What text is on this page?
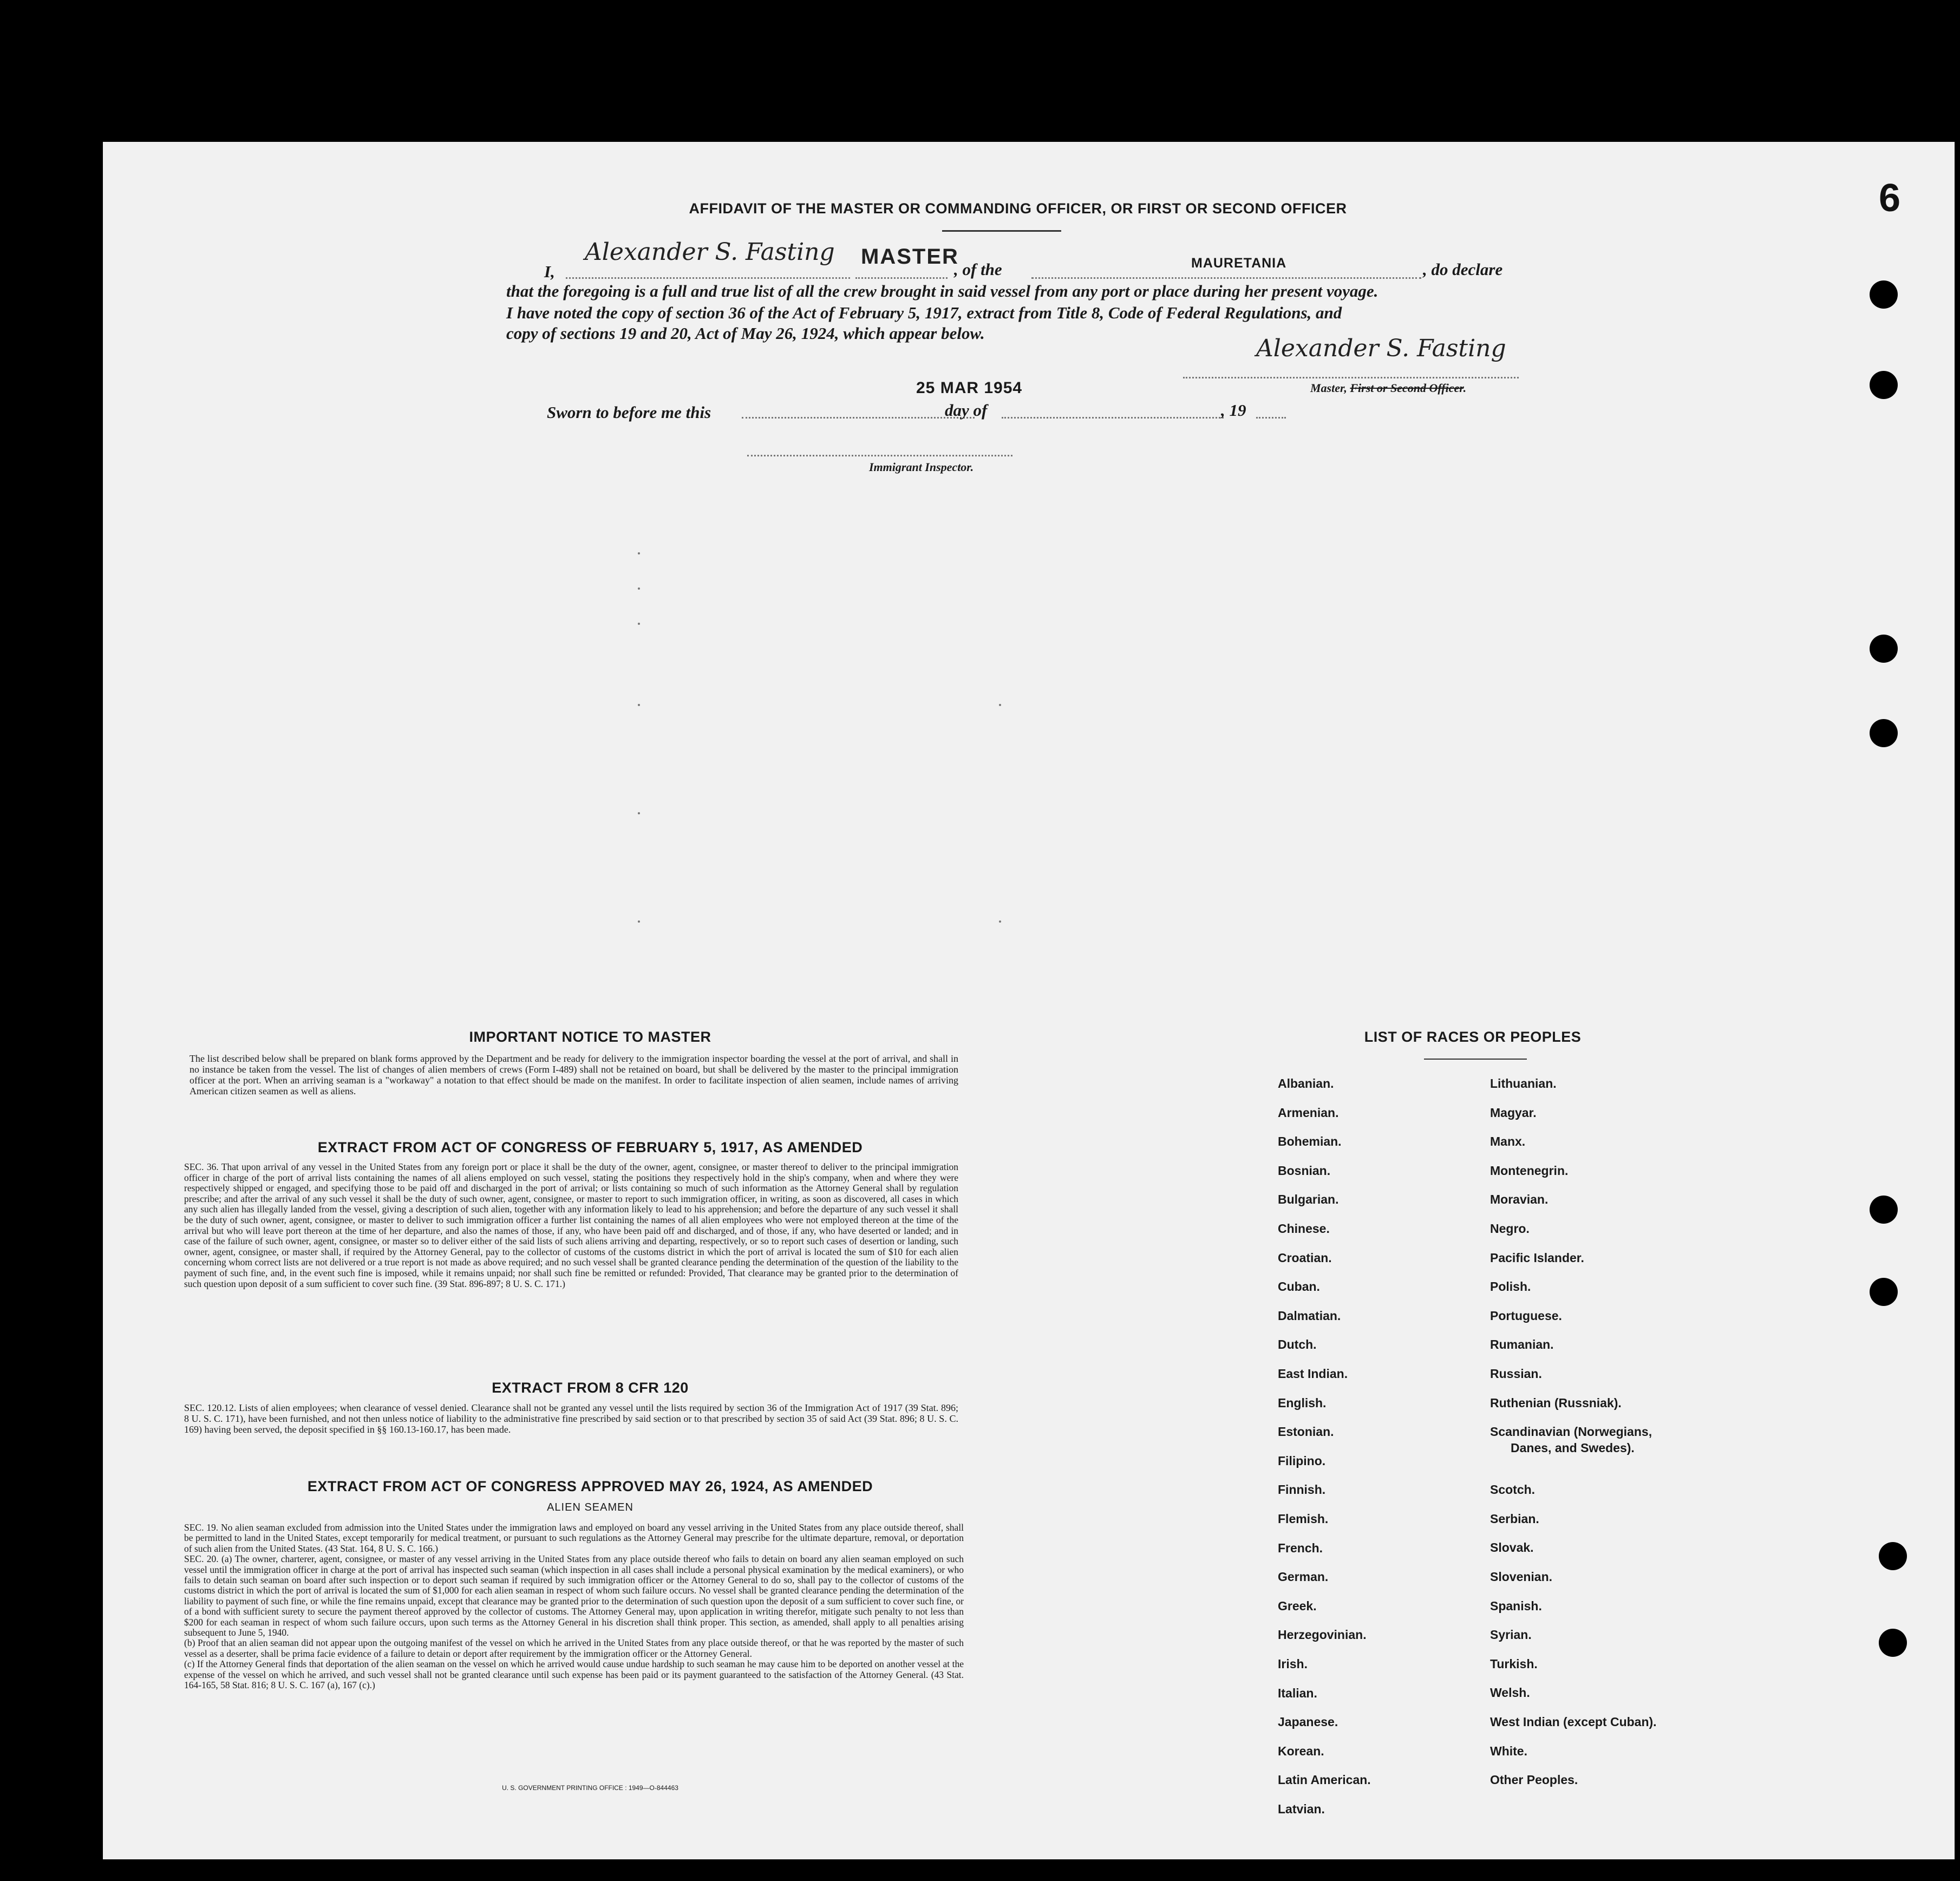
AFFIDAVIT OF THE MASTER OR COMMANDING OFFICER, OR FIRST OR SECOND OFFICER
I,
Alexander S. Fasting MASTER
, of the	MAURETANIA	, do declare
that the foregoing is a full and true list of all the crew brought in said vessel from any port or place during her present voyage.
I have noted the copy of section 36 of the Act of February 5, 1917, extract from Title 8, Code of Federal Regulations, and
copy of sections 19 and 20, Act of May 26, 1924, which appear below.
Alexander S. Fasting
Master, First or Second Officer.
Sworn to before me this
25 MAR 1954
day of	, 19
Immigrant Inspector.
IMPORTANT NOTICE TO MASTER
The list described below shall be prepared on blank forms approved by the Department and be ready for delivery to the immigration inspector boarding the vessel at the port of arrival, and shall in no instance be taken from the vessel. The list of changes of alien members of crews (Form I-489) shall not be retained on board, but shall be delivered by the master to the principal immigration officer at the port. When an arriving seaman is a "workaway" a notation to that effect should be made on the manifest. In order to facilitate inspection of alien seamen, include names of arriving American citizen seamen as well as aliens.
EXTRACT FROM ACT OF CONGRESS OF FEBRUARY 5, 1917, AS AMENDED
SEC. 36. That upon arrival of any vessel in the United States from any foreign port or place it shall be the duty of the owner, agent, consignee, or master thereof to deliver to the principal immigration officer in charge of the port of arrival lists containing the names of all aliens employed on such vessel, stating the positions they respectively hold in the ship's company, when and where they were respectively shipped or engaged, and specifying those to be paid off and discharged in the port of arrival; or lists containing so much of such information as the Attorney General shall by regulation prescribe; and after the arrival of any such vessel it shall be the duty of such owner, agent, consignee, or master to report to such immigration officer, in writing, as soon as discovered, all cases in which any such alien has illegally landed from the vessel, giving a description of such alien, together with any information likely to lead to his apprehension; and before the departure of any such vessel it shall be the duty of such owner, agent, consignee, or master to deliver to such immigration officer a further list containing the names of all alien employees who were not employed thereon at the time of the arrival but who will leave port thereon at the time of her departure, and also the names of those, if any, who have been paid off and discharged, and of those, if any, who have deserted or landed; and in case of the failure of such owner, agent, consignee, or master so to deliver either of the said lists of such aliens arriving and departing, respectively, or so to report such cases of desertion or landing, such owner, agent, consignee, or master shall, if required by the Attorney General, pay to the collector of customs of the customs district in which the port of arrival is located the sum of $10 for each alien concerning whom correct lists are not delivered or a true report is not made as above required; and no such vessel shall be granted clearance pending the determination of the question of the liability to the payment of such fine, and, in the event such fine is imposed, while it remains unpaid; nor shall such fine be remitted or refunded: Provided, That clearance may be granted prior to the determination of such question upon deposit of a sum sufficient to cover such fine. (39 Stat. 896-897; 8 U. S. C. 171.)
EXTRACT FROM 8 CFR 120
SEC. 120.12. Lists of alien employees; when clearance of vessel denied. Clearance shall not be granted any vessel until the lists required by section 36 of the Immigration Act of 1917 (39 Stat. 896; 8 U. S. C. 171), have been furnished, and not then unless notice of liability to the administrative fine prescribed by said section or to that prescribed by section 35 of said Act (39 Stat. 896; 8 U. S. C. 169) having been served, the deposit specified in §§ 160.13-160.17, has been made.
EXTRACT FROM ACT OF CONGRESS APPROVED MAY 26, 1924, AS AMENDED
ALIEN SEAMEN
SEC. 19. No alien seaman excluded from admission into the United States under the immigration laws and employed on board any vessel arriving in the United States from any place outside thereof, shall be permitted to land in the United States, except temporarily for medical treatment, or pursuant to such regulations as the Attorney General may prescribe for the ultimate departure, removal, or deportation of such alien from the United States. (43 Stat. 164, 8 U. S. C. 166.)
SEC. 20. (a) The owner, charterer, agent, consignee, or master of any vessel arriving in the United States from any place outside thereof who fails to detain on board any alien seaman employed on such vessel until the immigration officer in charge at the port of arrival has inspected such seaman (which inspection in all cases shall include a personal physical examination by the medical examiners), or who fails to detain such seaman on board after such inspection or to deport such seaman if required by such immigration officer or the Attorney General to do so, shall pay to the collector of customs of the customs district in which the port of arrival is located the sum of $1,000 for each alien seaman in respect of whom such failure occurs. No vessel shall be granted clearance pending the determination of the liability to payment of such fine, or while the fine remains unpaid, except that clearance may be granted prior to the determination of such question upon the deposit of a sum sufficient to cover such fine, or of a bond with sufficient surety to secure the payment thereof approved by the collector of customs. The Attorney General may, upon application in writing therefor, mitigate such penalty to not less than $200 for each seaman in respect of whom such failure occurs, upon such terms as the Attorney General in his discretion shall think proper. This section, as amended, shall apply to all penalties arising subsequent to June 5, 1940.
(b) Proof that an alien seaman did not appear upon the outgoing manifest of the vessel on which he arrived in the United States from any place outside thereof, or that he was reported by the master of such vessel as a deserter, shall be prima facie evidence of a failure to detain or deport after requirement by the immigration officer or the Attorney General.
(c) If the Attorney General finds that deportation of the alien seaman on the vessel on which he arrived would cause undue hardship to such seaman he may cause him to be deported on another vessel at the expense of the vessel on which he arrived, and such vessel shall not be granted clearance until such expense has been paid or its payment guaranteed to the satisfaction of the Attorney General. (43 Stat. 164-165, 58 Stat. 816; 8 U. S. C. 167 (a), 167 (c).)
U. S. GOVERNMENT PRINTING OFFICE : 1949—O-844463
LIST OF RACES OR PEOPLES
Albanian.
Armenian.
Bohemian.
Bosnian.
Bulgarian.
Chinese.
Croatian.
Cuban.
Dalmatian.
Dutch.
East Indian.
English.
Estonian.
Filipino.
Finnish.
Flemish.
French.
German.
Greek.
Herzegovinian.
Irish.
Italian.
Japanese.
Korean.
Latin American.
Latvian.
Lithuanian.
Magyar.
Manx.
Montenegrin.
Moravian.
Negro.
Pacific Islander.
Polish.
Portuguese.
Rumanian.
Russian.
Ruthenian (Russniak).
Scandinavian (Norwegians,
Danes, and Swedes).
Scotch.
Serbian.
Slovak.
Slovenian.
Spanish.
Syrian.
Turkish.
Welsh.
West Indian (except Cuban).
White.
Other Peoples.
6
